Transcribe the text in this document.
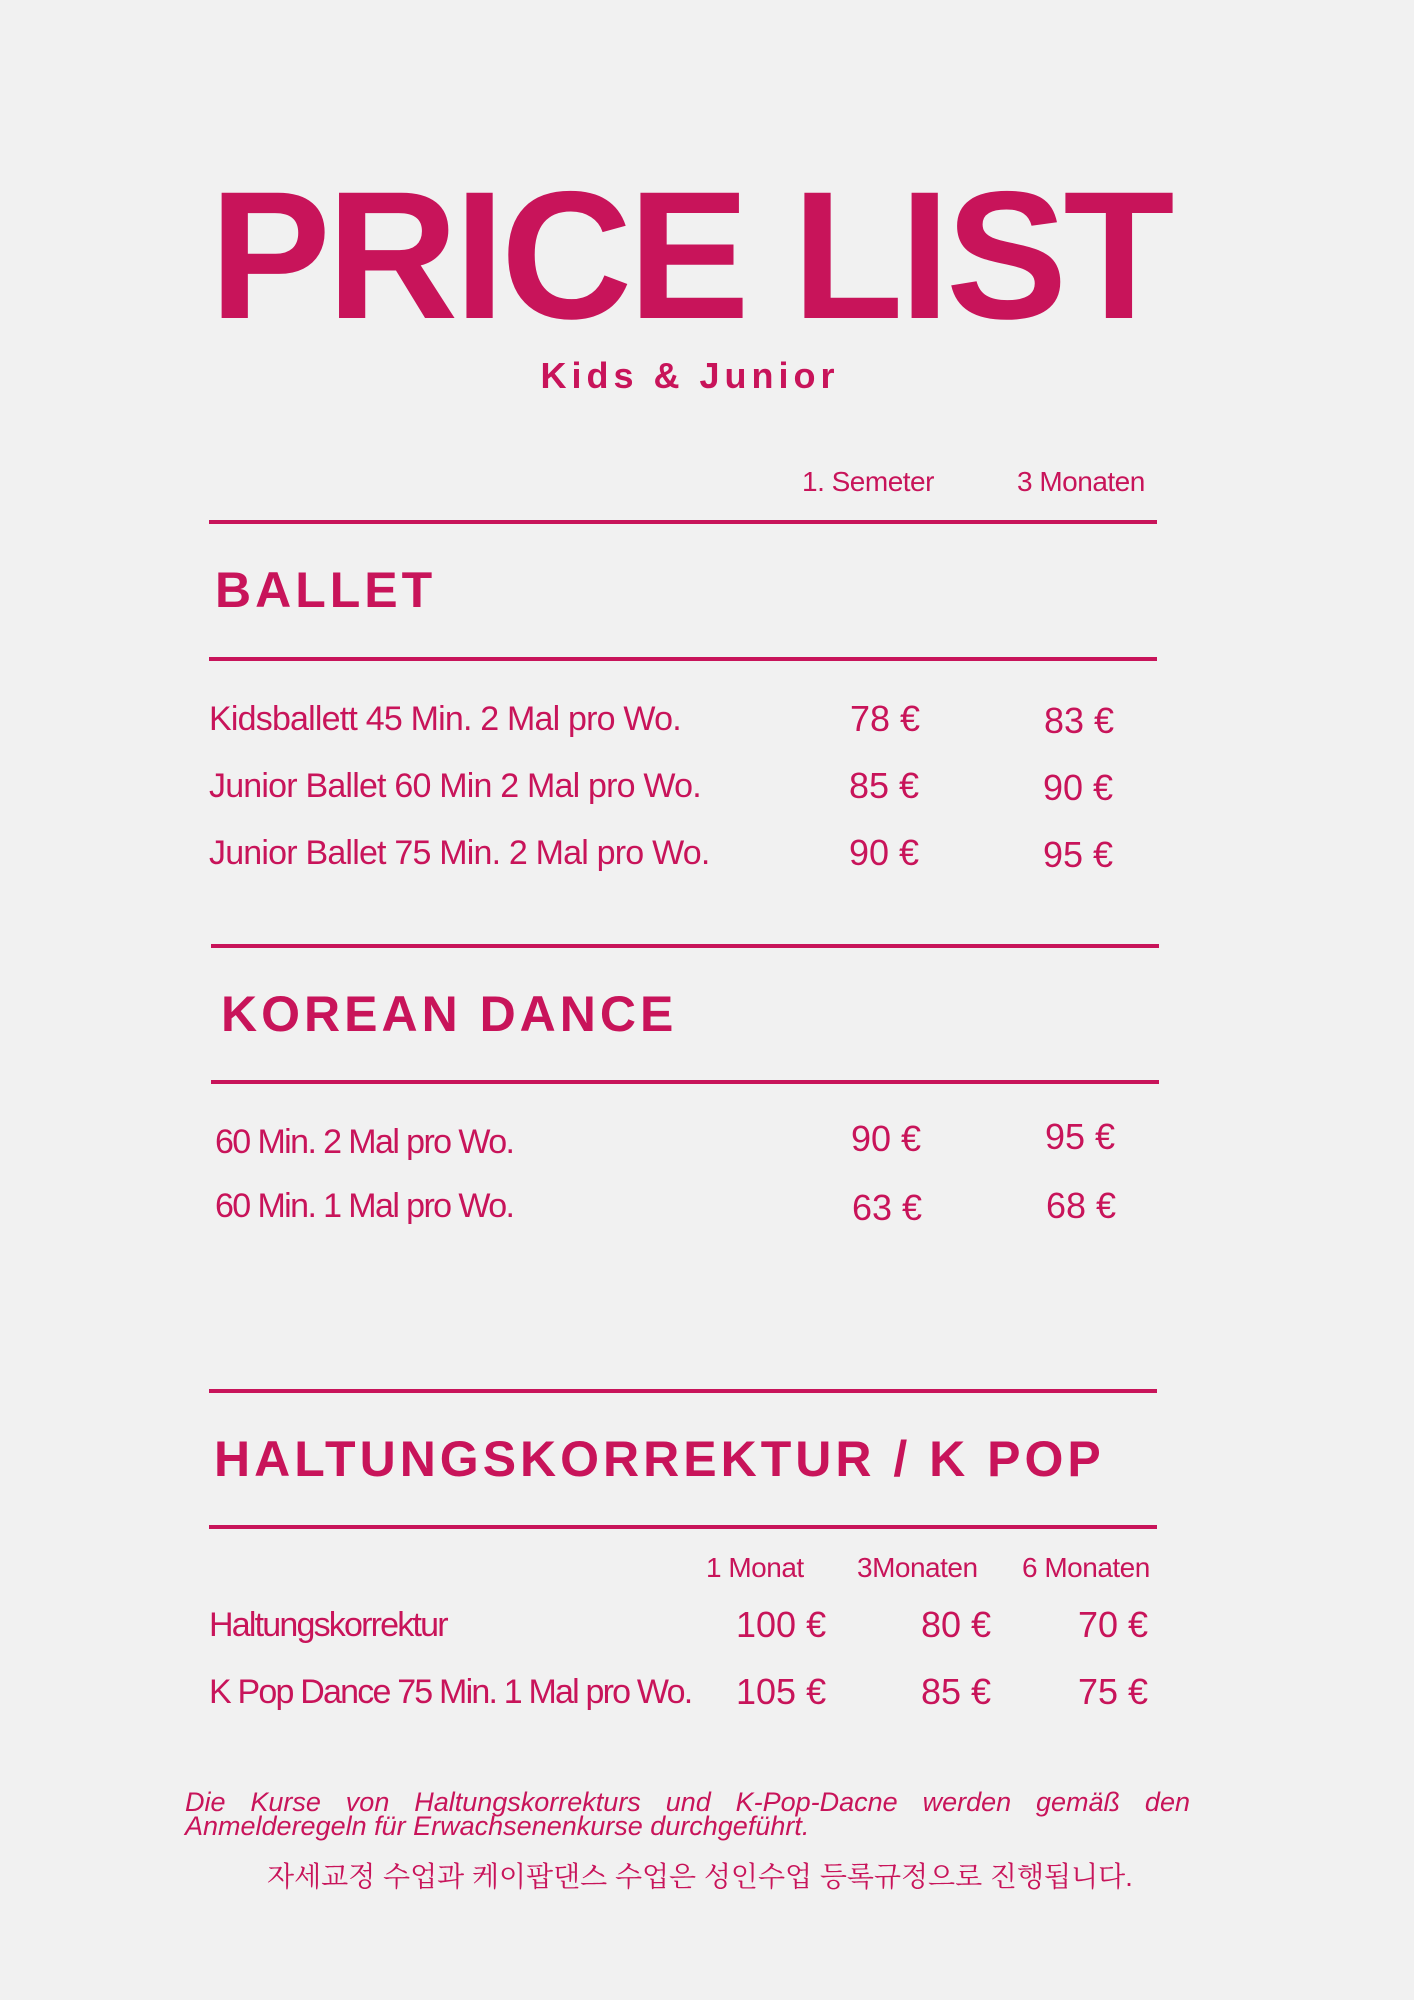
PRICE LIST
Kids & Junior
1. Semeter	3 Monaten
BALLET
Kidsballett 45 Min. 2 Mal pro Wo.	78 €	83 €
Junior Ballet 60 Min 2 Mal pro Wo.	85 €	90 €
Junior Ballet 75 Min. 2 Mal pro Wo.	90 €	95 €
KOREAN DANCE
60 Min. 2 Mal pro Wo.	90 €	95 €
60 Min. 1 Mal pro Wo.	63 €	68 €
HALTUNGSKORREKTUR / K POP
1 Monat 3Monaten 6 Monaten
Haltungskorrektur	100 €	80 € 70 €
K Pop Dance 75 Min. 1 Mal pro Wo. 105 €	85 € 75 €
Die Kurse von Haltungskorrekturs und K-Pop-Dacne werden gemäß den Anmelderegeln für Erwachsenenkurse durchgeführt.
자세교정 수업과 케이팝댄스 수업은 성인수업 등록규정으로 진행됩니다.
